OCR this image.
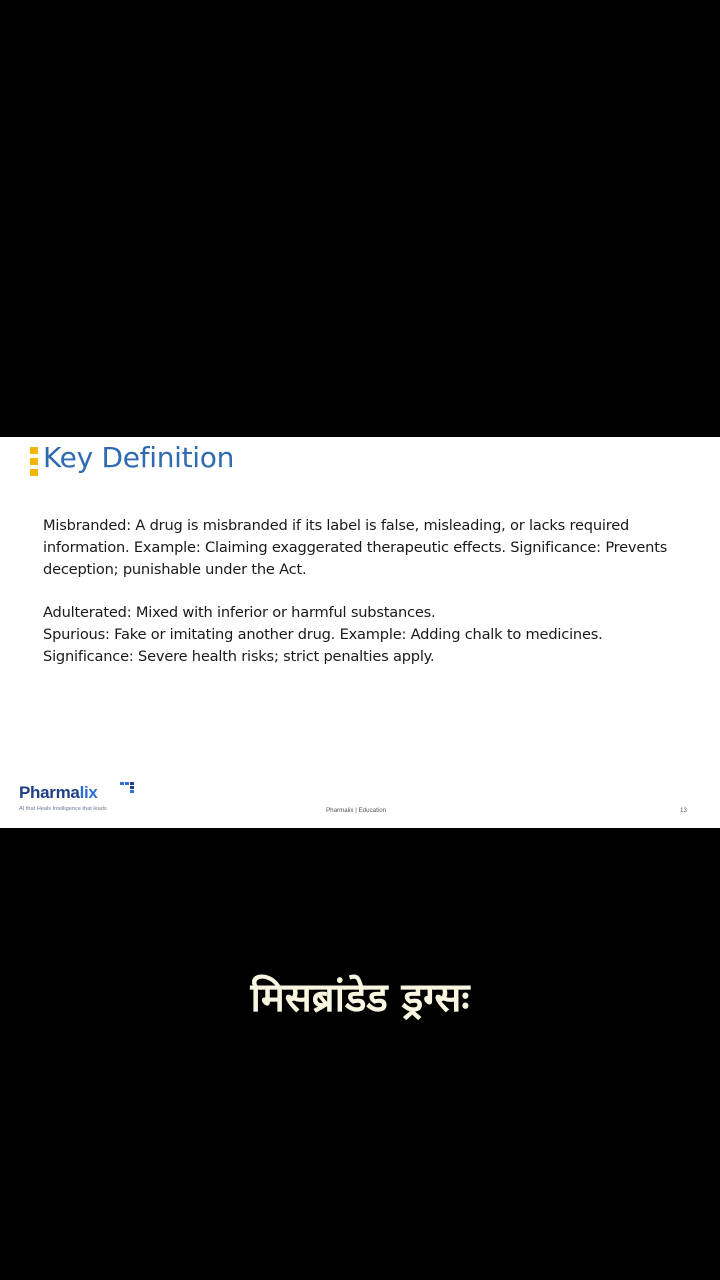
Key Definition
Misbranded: A drug is misbranded if its label is false, misleading, or lacks required
information. Example: Claiming exaggerated therapeutic effects. Significance: Prevents
deception; punishable under the Act.
Adulterated: Mixed with inferior or harmful substances.
Spurious: Fake or imitating another drug. Example: Adding chalk to medicines.
Significance: Severe health risks; strict penalties apply.
Pharmalix
AI that Heals Intelligence that leads	Pharmalix | Education	13
मिसब्रांडेड ड्रग्सः
